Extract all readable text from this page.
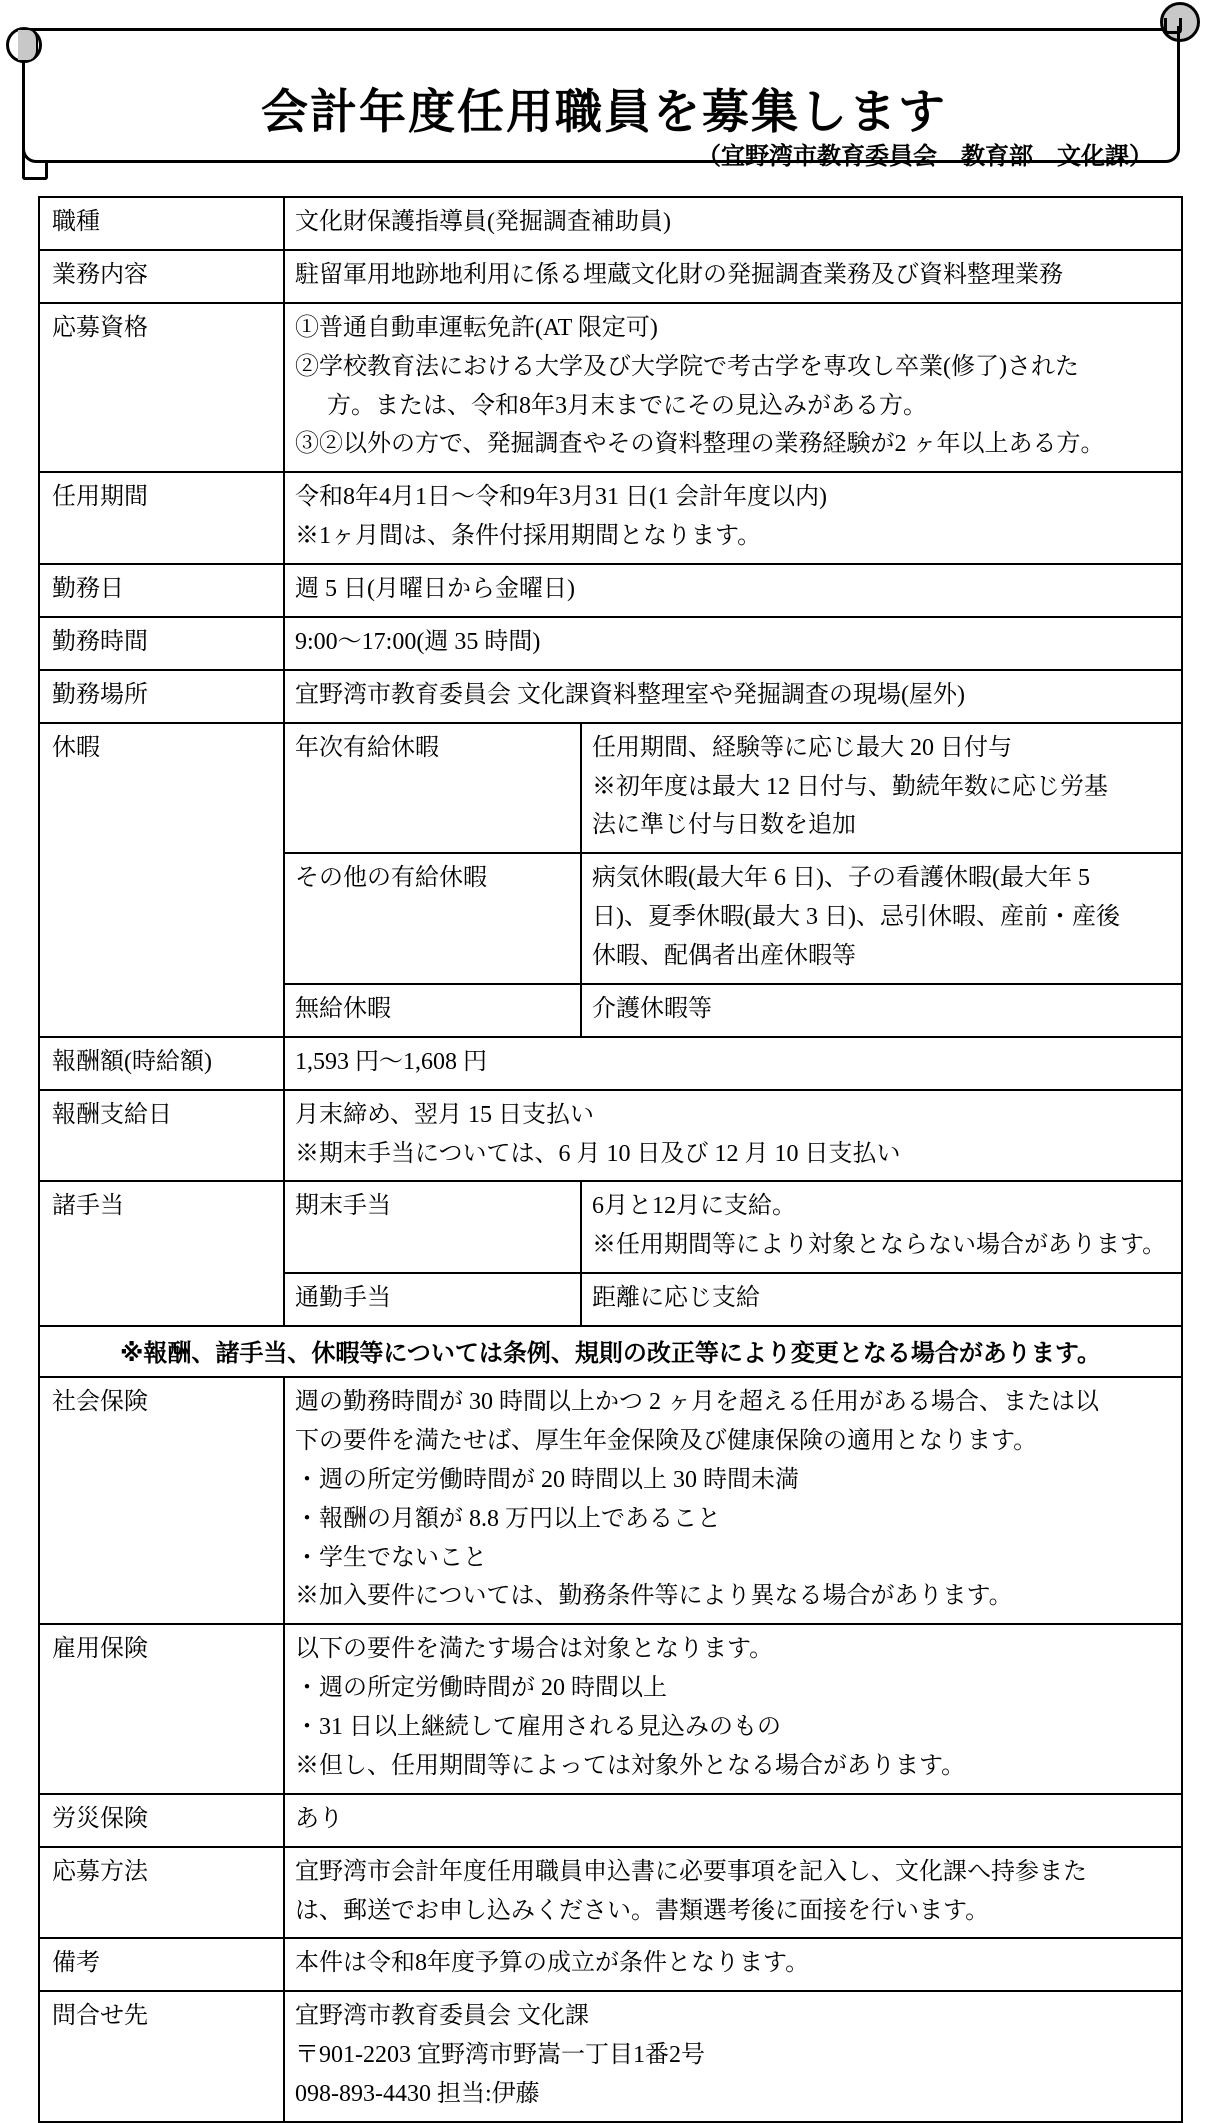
会計年度任用職員を募集します
（宜野湾市教育委員会　教育部　文化課）
職種	文化財保護指導員(発掘調査補助員)

業務内容	駐留軍用地跡地利用に係る埋蔵文化財の発掘調査業務及び資料整理業務

応募資格	①普通自動車運転免許(AT 限定可)
②学校教育法における大学及び大学院で考古学を専攻し卒業(修了)された
方。または、令和8年3月末までにその見込みがある方。
③②以外の方で、発掘調査やその資料整理の業務経験が2 ヶ年以上ある方。

任用期間	令和8年4月1日～令和9年3月31 日(1 会計年度以内)
※1ヶ月間は、条件付採用期間となります。

勤務日	週 5 日(月曜日から金曜日)

勤務時間	9:00～17:00(週 35 時間)

勤務場所	宜野湾市教育委員会 文化課資料整理室や発掘調査の現場(屋外)

休暇
		年次有給休暇	任用期間、経験等に応じ最大 20 日付与
※初年度は最大 12 日付与、勤続年数に応じ労基
法に準じ付与日数を追加

その他の有給休暇	病気休暇(最大年 6 日)、子の看護休暇(最大年 5
日)、夏季休暇(最大 3 日)、忌引休暇、産前・産後
休暇、配偶者出産休暇等

無給休暇	介護休暇等

報酬額(時給額)	1,593 円～1,608 円

報酬支給日	月末締め、翌月 15 日支払い
※期末手当については、6 月 10 日及び 12 月 10 日支払い

諸手当
		期末手当	6月と12月に支給。
※任用期間等により対象とならない場合があります。

通勤手当	距離に応じ支給

※報酬、諸手当、休暇等については条例、規則の改正等により変更となる場合があります。

社会保険	週の勤務時間が 30 時間以上かつ 2 ヶ月を超える任用がある場合、または以
下の要件を満たせば、厚生年金保険及び健康保険の適用となります。
・週の所定労働時間が 20 時間以上 30 時間未満
・報酬の月額が 8.8 万円以上であること
・学生でないこと
※加入要件については、勤務条件等により異なる場合があります。

雇用保険	以下の要件を満たす場合は対象となります。
・週の所定労働時間が 20 時間以上
・31 日以上継続して雇用される見込みのもの
※但し、任用期間等によっては対象外となる場合があります。

労災保険	あり

応募方法	宜野湾市会計年度任用職員申込書に必要事項を記入し、文化課へ持参また
は、郵送でお申し込みください。書類選考後に面接を行います。

備考	本件は令和8年度予算の成立が条件となります。

問合せ先	宜野湾市教育委員会 文化課
〒901-2203 宜野湾市野嵩一丁目1番2号
098-893-4430 担当:伊藤
